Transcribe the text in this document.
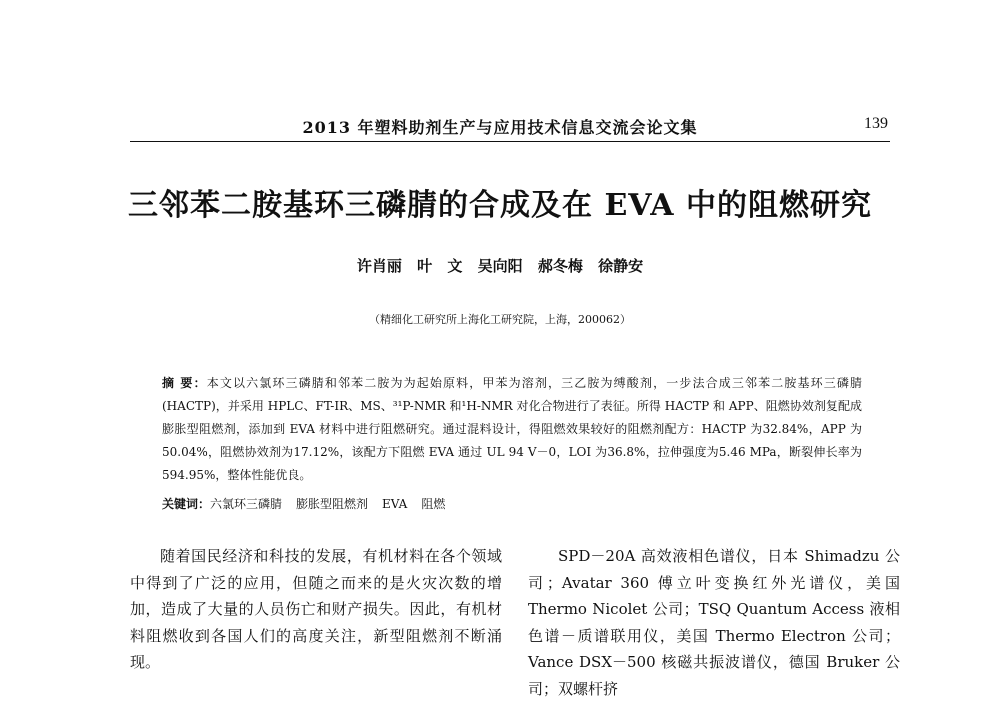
2013 年塑料助剂生产与应用技术信息交流会论文集	139
三邻苯二胺基环三磷腈的合成及在 EVA 中的阻燃研究
许肖丽 叶 文 吴向阳 郝冬梅 徐静安
（精细化工研究所上海化工研究院，上海，200062）
摘 要：本文以六氯环三磷腈和邻苯二胺为为起始原料，甲苯为溶剂，三乙胺为缚酸剂，一步法合成三邻苯二胺基环三磷腈(HACTP)，并采用 HPLC、FT-IR、MS、³¹P-NMR 和¹H-NMR 对化合物进行了表征。所得 HACTP 和 APP、阻燃协效剂复配成膨胀型阻燃剂，添加到 EVA 材料中进行阻燃研究。通过混料设计，得阻燃效果较好的阻燃剂配方：HACTP 为32.84%，APP 为50.04%，阻燃协效剂为17.12%，该配方下阻燃 EVA 通过 UL 94 V－0，LOI 为36.8%，拉伸强度为5.46 MPa，断裂伸长率为594.95%，整体性能优良。
关键词：六氯环三磷腈 膨胀型阻燃剂 EVA 阻燃
随着国民经济和科技的发展，有机材料在各个领域中得到了广泛的应用，但随之而来的是火灾次数的增加，造成了大量的人员伤亡和财产损失。因此，有机材料阻燃收到各国人们的高度关注，新型阻燃剂不断涌现。
SPD－20A 高效液相色谱仪，日本 Shimadzu 公司；Avatar 360 傅立叶变换红外光谱仪，美国 Thermo Nicolet 公司；TSQ Quantum Access 液相色谱－质谱联用仪，美国 Thermo Electron 公司；Vance DSX－500 核磁共振波谱仪，德国 Bruker 公司；双螺杆挤
